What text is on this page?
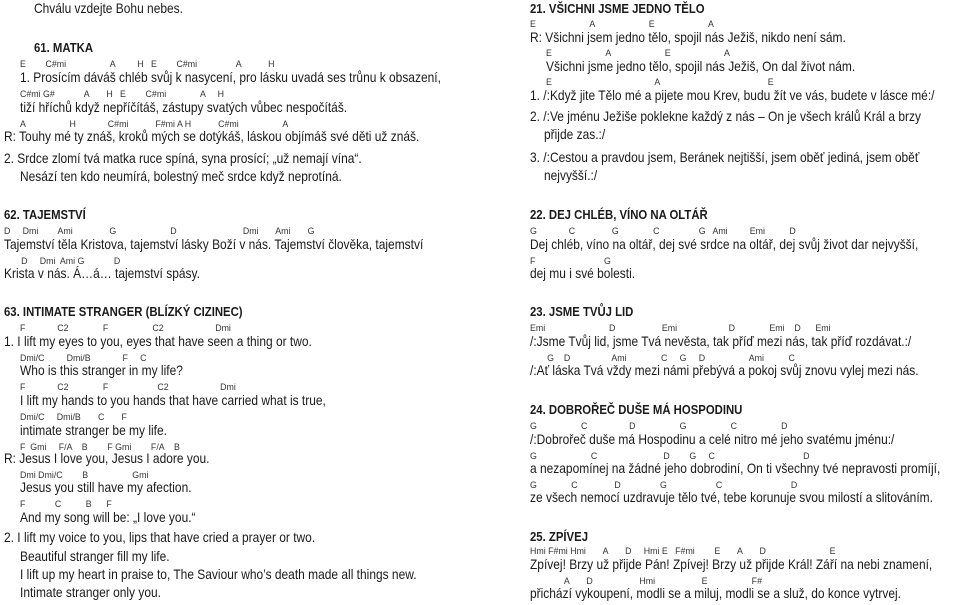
Chválu vzdejte Bohu nebes.
61. MATKA
E        C#mi                  A         H   E        C#mi                A           H
1. Prosícím dáváš chléb svůj k nasycení, pro lásku uvadá ses trůnu k obsazení,
C#mi G#            A       H   E        C#mi              A     H
tiží hříchů když nepříčítáš, zástupy svatých vůbec nespočítáš.
A                  H             C#mi           F#mi A H           C#mi                  A
R: Touhy mé ty znáš, kroků mých se dotýkáš, láskou objímáš své děti už znáš.
2. Srdce zlomí tvá matka ruce spíná, syna prosící; „už nemají vína“.
Nesází ten kdo neumírá, bolestný meč srdce když neprotíná.
62. TAJEMSTVÍ
D     Dmi        Ami               G                      D                           Dmi       Ami       G
Tajemství těla Kristova, tajemství lásky Boží v nás. Tajemství člověka, tajemství
D     Dmi  Ami G            D
Krista v nás. Á…á… tajemství spásy.
63. INTIMATE STRANGER (BLÍZKÝ CIZINEC)
F             C2              F                  C2                     Dmi
1. I lift my eyes to you, eyes that have seen a thing or two.
Dmi/C         Dmi/B             F     C
Who is this stranger in my life?
F             C2              F                    C2                     Dmi
I lift my hands to you hands that have carried what is true,
Dmi/C     Dmi/B       C       F
intimate stranger be my life.
F  Gmi     F/A    B        F Gmi        F/A    B
R: Jesus I love you, Jesus I adore you.
Dmi Dmi/C        B                  Gmi
Jesus you still have my afection.
F            C          B      F
And my song will be: „I love you.“
2. I lift my voice to you, lips that have cried a prayer or two.
Beautiful stranger fill my life.
I lift up my heart in praise to, The Saviour who’s death made all things new.
Intimate stranger only you.
21. VŠICHNI JSME JEDNO TĚLO
E                      A                      E                      A
R: Všichni jsem jedno tělo, spojil nás Ježiš, nikdo není sám.
E                      A                      E                      A
Všichni jsme jedno tělo, spojil nás Ježiš, On dal život nám.
E                                          A                                            E
1. /:Když jite Tělo mé a pijete mou Krev, budu žít ve vás, budete v lásce mé:/
2. /:Ve jménu Ježiše poklekne každý z nás – On je všech králů Král a brzy
přijde zas.:/
3. /:Cestou a pravdou jsem, Beránek nejtišší, jsem oběť jediná, jsem oběť
nejvyšší.:/
22. DEJ CHLÉB, VÍNO NA OLTÁŘ
G             C               G              C                G   Ami         Emi          D
Dej chléb, víno na oltář, dej své srdce na oltář, dej svůj život dar nejvyšší,
F                            G
dej mu i své bolesti.
23. JSME TVŮJ LID
Emi                          D                   Emi                     D              Emi    D      Emi
/:Jsme Tvůj lid, jsme Tvá nevěsta, tak příď mezi nás, tak příď rozdávat.:/
G    D                 Ami              C     G     D                  Ami          C
/:Ať láska Tvá vždy mezi námi přebývá a pokoj svůj znovu vylej mezi nás.
24. DOBROŘEČ DUŠE MÁ HOSPODINU
G                  C                 D                  G                  C                  D
/:Dobrořeč duše má Hospodinu a celé nitro mé jeho svatému jménu:/
G                      C                           D        G     C                                    D
a nezapomínej na žádné jeho dobrodiní, On ti všechny tvé nepravosti promíjí,
G              C               D                G                    C                            D
ze všech nemocí uzdravuje tělo tvé, tebe korunuje svou milostí a slitováním.
25. ZPÍVEJ
Hmi F#mi Hmi       A       D     Hmi E   F#mi        E       A       D                          E
Zpívej! Brzy už přijde Pán! Zpívej! Brzy už přijde Král! Září na nebi znamení,
A       D                   Hmi                   E                  F#
přichází vykoupení, modli se a miluj, modli se a služ, do konce vytrvej.
